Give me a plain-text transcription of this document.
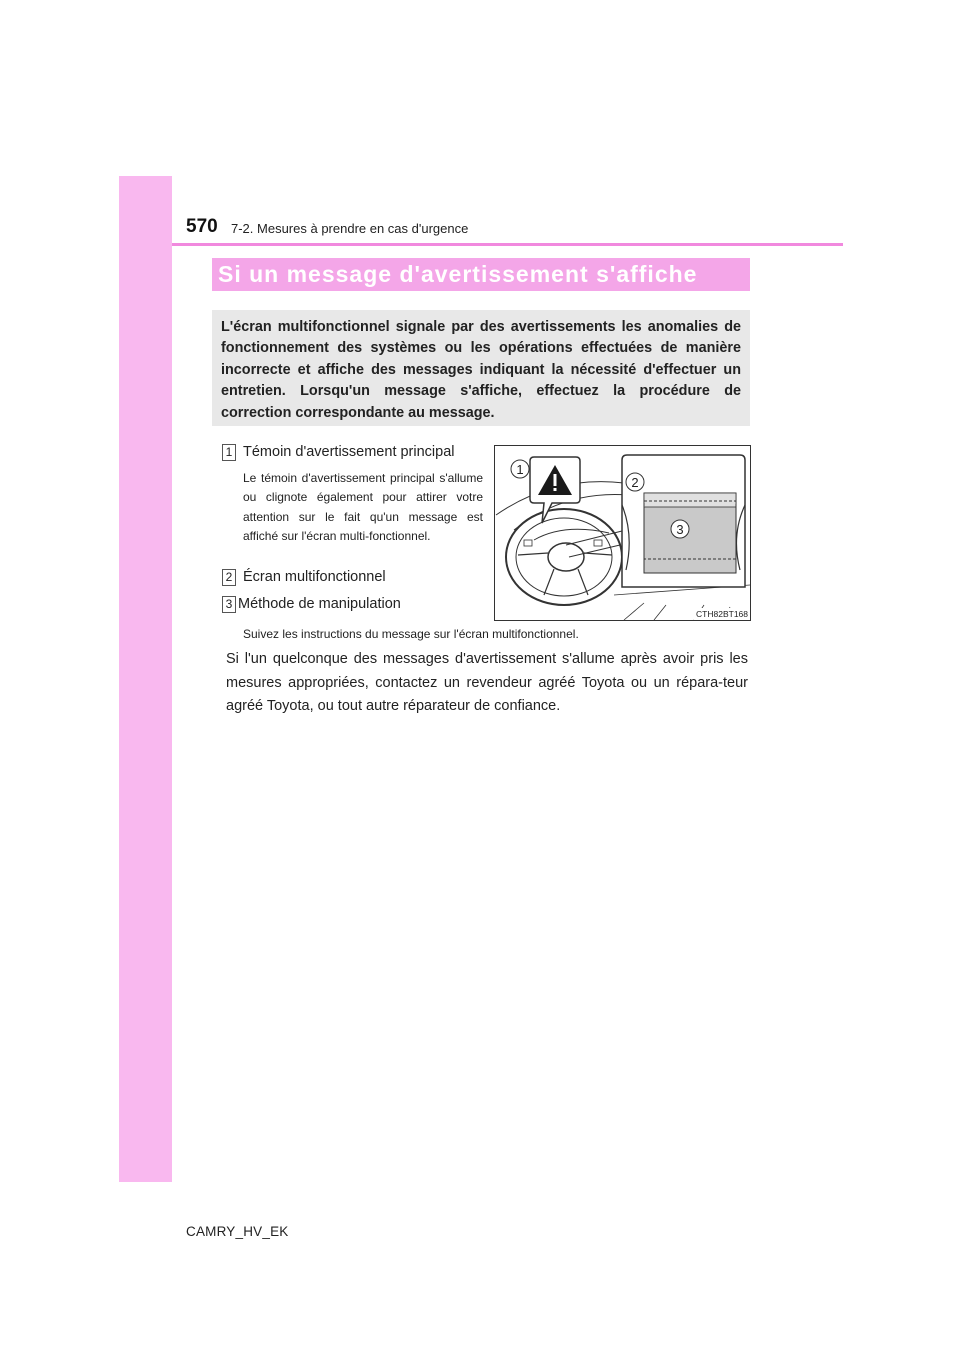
570 7-2. Mesures à prendre en cas d'urgence
Si un message d'avertissement s'affiche

L'écran multifonctionnel signale par des avertissements les anomalies de fonctionnement des systèmes ou les opérations effectuées de manière incorrecte et affiche des messages indiquant la nécessité d'effectuer un entretien. Lorsqu'un message s'affiche, effectuez la procédure de correction correspondante au message.

1 Témoin d'avertissement principal

Le témoin d'avertissement principal s'allume ou clignote également pour attirer votre attention sur le fait qu'un message est affiché sur l'écran multi-fonctionnel.

2 Écran multifonctionnel
3 Méthode de manipulation
Suivez les instructions du message sur l'écran multifonctionnel.

Si l'un quelconque des messages d'avertissement s'allume après avoir pris les mesures appropriées, contactez un revendeur agréé Toyota ou un répara-teur agréé Toyota, ou tout autre réparateur de confiance.

1
2
3
CTH82BT168
CAMRY_HV_EK
